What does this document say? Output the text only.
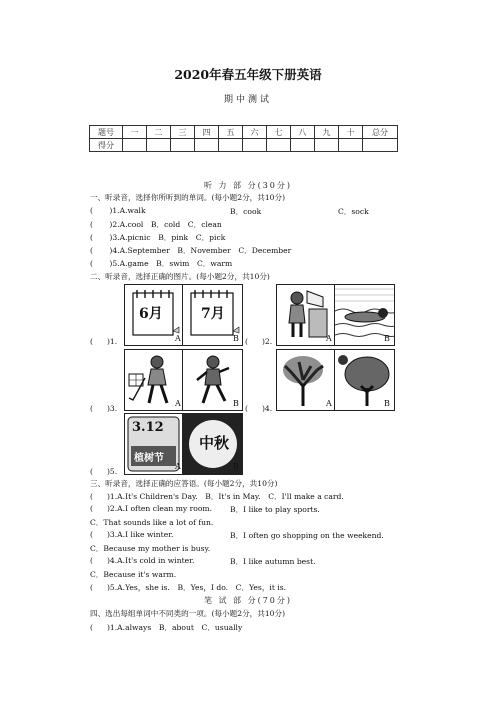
2020年春五年级下册英语
期中测试
题号	一	二	三	四	五	六	七	八	九	十	总分
得分											
听 力 部 分(30分)
一、听录音，选择你所听到的单词。(每小题2分，共10分)
( )1.A.walk	B．cook	C．sock
( )2.A.cool　B．cold　C．clean
( )3.A.picnic　B．pink　C．pick
( )4.A.September　B．November　C．December
( )5.A.game　B．swim　C．warm
二、听录音，选择正确的图片。(每小题2分，共10分)
( )1.
6月
A
7月
B ( )2.	A	B
( )3.
A	B
( )4.
A	B
( )5.
3.12
植树节
A
中秋
B
三、听录音，选择正确的应答语。(每小题2分，共10分)
( )1.A.It's Children's Day.　B．It's in May.　C．I'll make a card.
( )2.A.I often clean my room. B．I like to play sports.
C．That sounds like a lot of fun.
( )3.A.I like winter.	B．I often go shopping on the weekend.
C．Because my mother is busy.
( )4.A.It's cold in winter.	B．I like autumn best.
C．Because it's warm.
( )5.A.Yes，she is.　B．Yes，I do.　C．Yes，it is.
笔 试 部 分(70分)
四、选出每组单词中不同类的一项。(每小题2分，共10分)
( )1.A.always　B．about　C．usually
